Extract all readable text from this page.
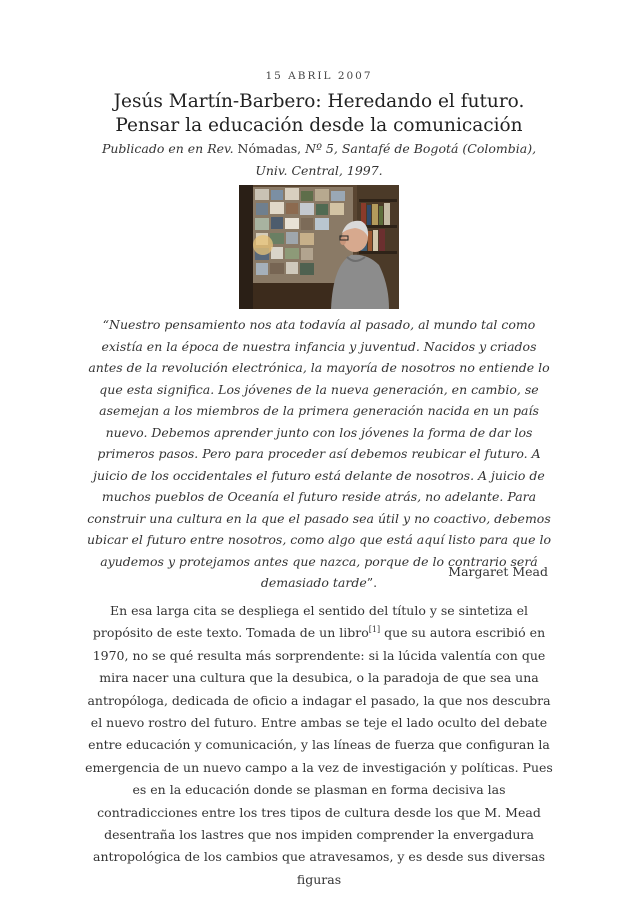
15 ABRIL 2007
Jesús Martín-Barbero: Heredando el futuro. Pensar la educación desde la comunicación
Publicado en en Rev. Nómadas, Nº 5, Santafé de Bogotá (Colombia), Univ. Central, 1997.
“Nuestro pensamiento nos ata todavía al pasado, al mundo tal como existía en la época de nuestra infancia y juventud. Nacidos y criados antes de la revolución electrónica, la mayoría de nosotros no entiende lo que esta significa. Los jóvenes de la nueva generación, en cambio, se asemejan a los miembros de la primera generación nacida en un país nuevo. Debemos aprender junto con los jóvenes la forma de dar los primeros pasos. Pero para proceder así debemos reubicar el futuro. A juicio de los occidentales el futuro está delante de nosotros. A juicio de muchos pueblos de Oceanía el futuro reside atrás, no adelante. Para construir una cultura en la que el pasado sea útil y no coactivo, debemos ubicar el futuro entre nosotros, como algo que está aquí listo para que lo ayudemos y protejamos antes que nazca, porque de lo contrario será demasiado tarde”.
Margaret Mead
En esa larga cita se despliega el sentido del título y se sintetiza el propósito de este texto. Tomada de un libro[1] que su autora escribió en 1970, no se qué resulta más sorprendente: si la lúcida valentía con que mira nacer una cultura que la desubica, o la paradoja de que sea una antropóloga, dedicada de oficio a indagar el pasado, la que nos descubra el nuevo rostro del futuro. Entre ambas se teje el lado oculto del debate entre educación y comunicación, y las líneas de fuerza que configuran la emergencia de un nuevo campo a la vez de investigación y políticas. Pues es en la educación donde se plasman en forma decisiva las contradicciones entre los tres tipos de cultura desde los que M. Mead desentraña los lastres que nos impiden comprender la envergadura antropológica de los cambios que atravesamos, y es desde sus diversas figuras
